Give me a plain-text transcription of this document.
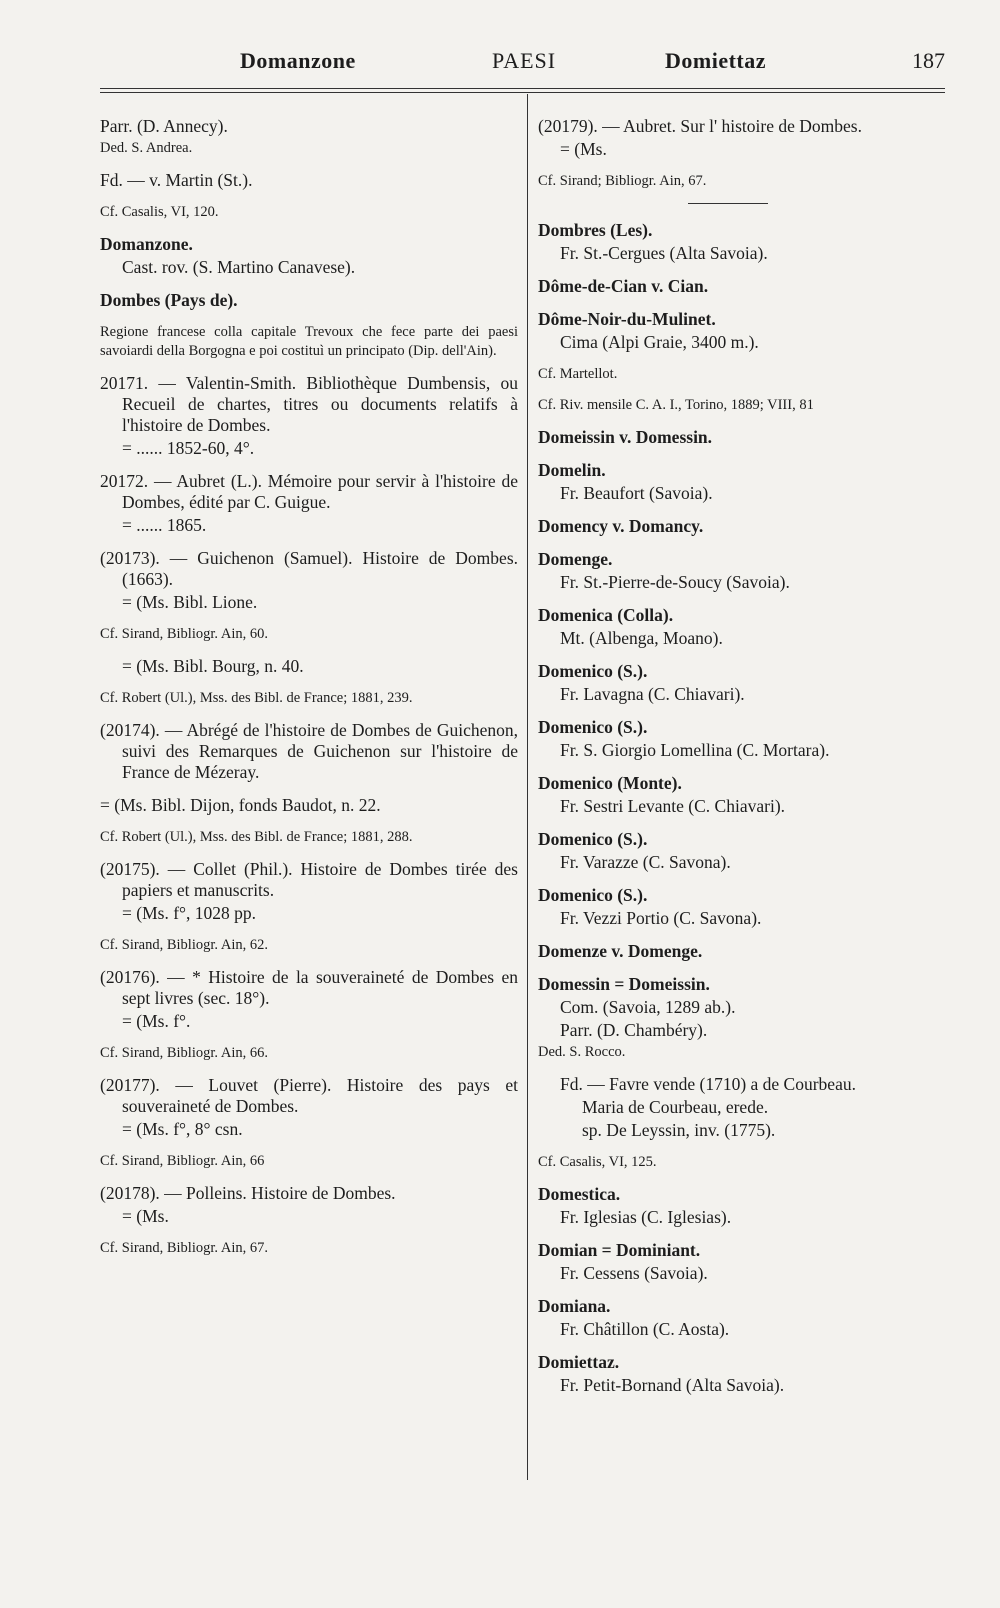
Domanzone	PAESI	Domiettaz	187
Parr. (D. Annecy).
Ded. S. Andrea.
Fd. — v. Martin (St.).
Cf. Casalis, VI, 120.
Domanzone.
Cast. rov. (S. Martino Canavese).
Dombes (Pays de).
Regione francese colla capitale Trevoux che fece parte dei paesi savoiardi della Borgogna e poi costituì un principato (Dip. dell'Ain).
20171. — Valentin-Smith. Bibliothèque Dumbensis, ou Recueil de chartes, titres ou documents relatifs à l'histoire de Dombes.
= ...... 1852-60, 4°.
20172. — Aubret (L.). Mémoire pour servir à l'histoire de Dombes, édité par C. Guigue.
= ...... 1865.
(20173). — Guichenon (Samuel). Histoire de Dombes. (1663).
= (Ms. Bibl. Lione.
Cf. Sirand, Bibliogr. Ain, 60.
= (Ms. Bibl. Bourg, n. 40.
Cf. Robert (Ul.), Mss. des Bibl. de France; 1881, 239.
(20174). — Abrégé de l'histoire de Dombes de Guichenon, suivi des Remarques de Guichenon sur l'histoire de France de Mézeray.
= (Ms. Bibl. Dijon, fonds Baudot, n. 22.
Cf. Robert (Ul.), Mss. des Bibl. de France; 1881, 288.
(20175). — Collet (Phil.). Histoire de Dombes tirée des papiers et manuscrits.
= (Ms. f°, 1028 pp.
Cf. Sirand, Bibliogr. Ain, 62.
(20176). — * Histoire de la souveraineté de Dombes en sept livres (sec. 18°).
= (Ms. f°.
Cf. Sirand, Bibliogr. Ain, 66.
(20177). — Louvet (Pierre). Histoire des pays et souveraineté de Dombes.
= (Ms. f°, 8° csn.
Cf. Sirand, Bibliogr. Ain, 66
(20178). — Polleins. Histoire de Dombes.
= (Ms.
Cf. Sirand, Bibliogr. Ain, 67.
(20179). — Aubret. Sur l' histoire de Dombes.
= (Ms.
Cf. Sirand; Bibliogr. Ain, 67.
Dombres (Les).
Fr. St.-Cergues (Alta Savoia).
Dôme-de-Cian v. Cian.
Dôme-Noir-du-Mulinet.
Cima (Alpi Graie, 3400 m.).
Cf. Martellot.
Cf. Riv. mensile C. A. I., Torino, 1889; VIII, 81
Domeissin v. Domessin.
Domelin.
Fr. Beaufort (Savoia).
Domency v. Domancy.
Domenge.
Fr. St.-Pierre-de-Soucy (Savoia).
Domenica (Colla).
Mt. (Albenga, Moano).
Domenico (S.).
Fr. Lavagna (C. Chiavari).
Domenico (S.).
Fr. S. Giorgio Lomellina (C. Mortara).
Domenico (Monte).
Fr. Sestri Levante (C. Chiavari).
Domenico (S.).
Fr. Varazze (C. Savona).
Domenico (S.).
Fr. Vezzi Portio (C. Savona).
Domenze v. Domenge.
Domessin = Domeissin.
Com. (Savoia, 1289 ab.).
Parr. (D. Chambéry).
Ded. S. Rocco.
Fd. — Favre vende (1710) a de Courbeau.
Maria de Courbeau, erede.
sp. De Leyssin, inv. (1775).
Cf. Casalis, VI, 125.
Domestica.
Fr. Iglesias (C. Iglesias).
Domian = Dominiant.
Fr. Cessens (Savoia).
Domiana.
Fr. Châtillon (C. Aosta).
Domiettaz.
Fr. Petit-Bornand (Alta Savoia).
